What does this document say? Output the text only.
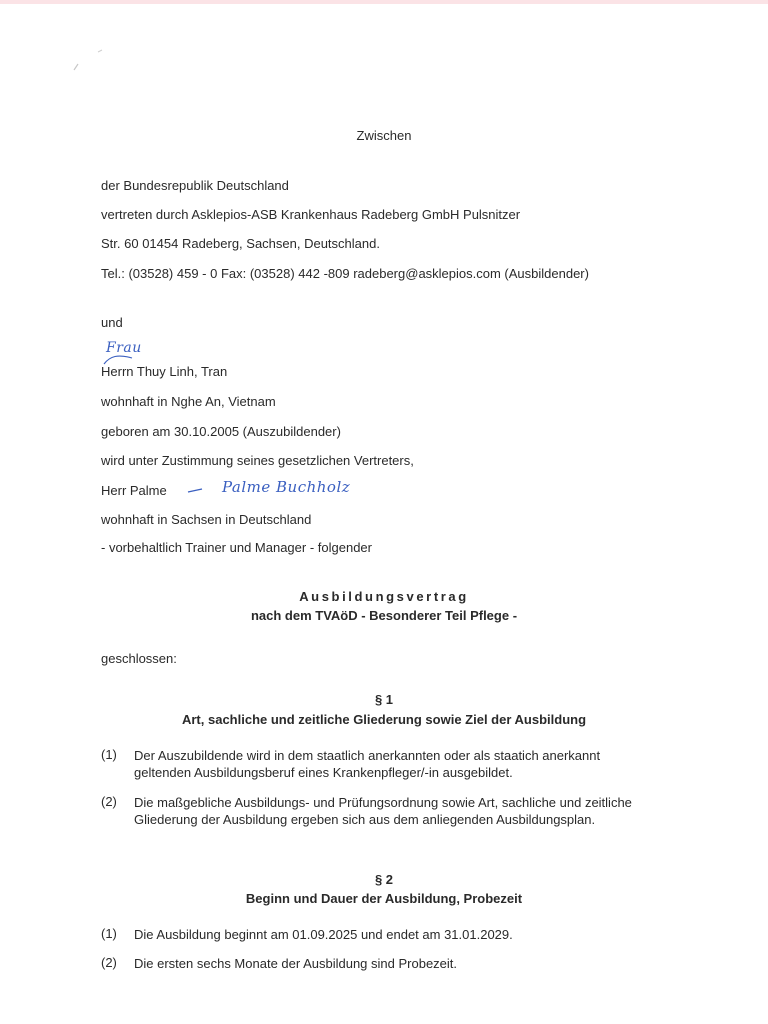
Zwischen
der Bundesrepublik Deutschland
vertreten durch Asklepios-ASB Krankenhaus Radeberg GmbH Pulsnitzer
Str. 60 01454 Radeberg, Sachsen, Deutschland.
Tel.: (03528) 459 - 0 Fax: (03528) 442 -809 radeberg@asklepios.com (Ausbildender)
und
Frau
Herrn Thuy Linh, Tran
wohnhaft in Nghe An, Vietnam
geboren am 30.10.2005 (Auszubildender)
wird unter Zustimmung seines gesetzlichen Vertreters,
Herr Palme	Palme Buchholz
wohnhaft in Sachsen in Deutschland
- vorbehaltlich Trainer und Manager - folgender
Ausbildungsvertrag
nach dem TVAöD - Besonderer Teil Pflege -
geschlossen:
§ 1
Art, sachliche und zeitliche Gliederung sowie Ziel der Ausbildung
(1) Der Auszubildende wird in dem staatlich anerkannten oder als staatich anerkannt geltenden Ausbildungsberuf eines Krankenpfleger/-in ausgebildet.
(2) Die maßgebliche Ausbildungs- und Prüfungsordnung sowie Art, sachliche und zeitliche Gliederung der Ausbildung ergeben sich aus dem anliegenden Ausbildungsplan.
§ 2
Beginn und Dauer der Ausbildung, Probezeit
(1) Die Ausbildung beginnt am 01.09.2025 und endet am 31.01.2029.
(2) Die ersten sechs Monate der Ausbildung sind Probezeit.
